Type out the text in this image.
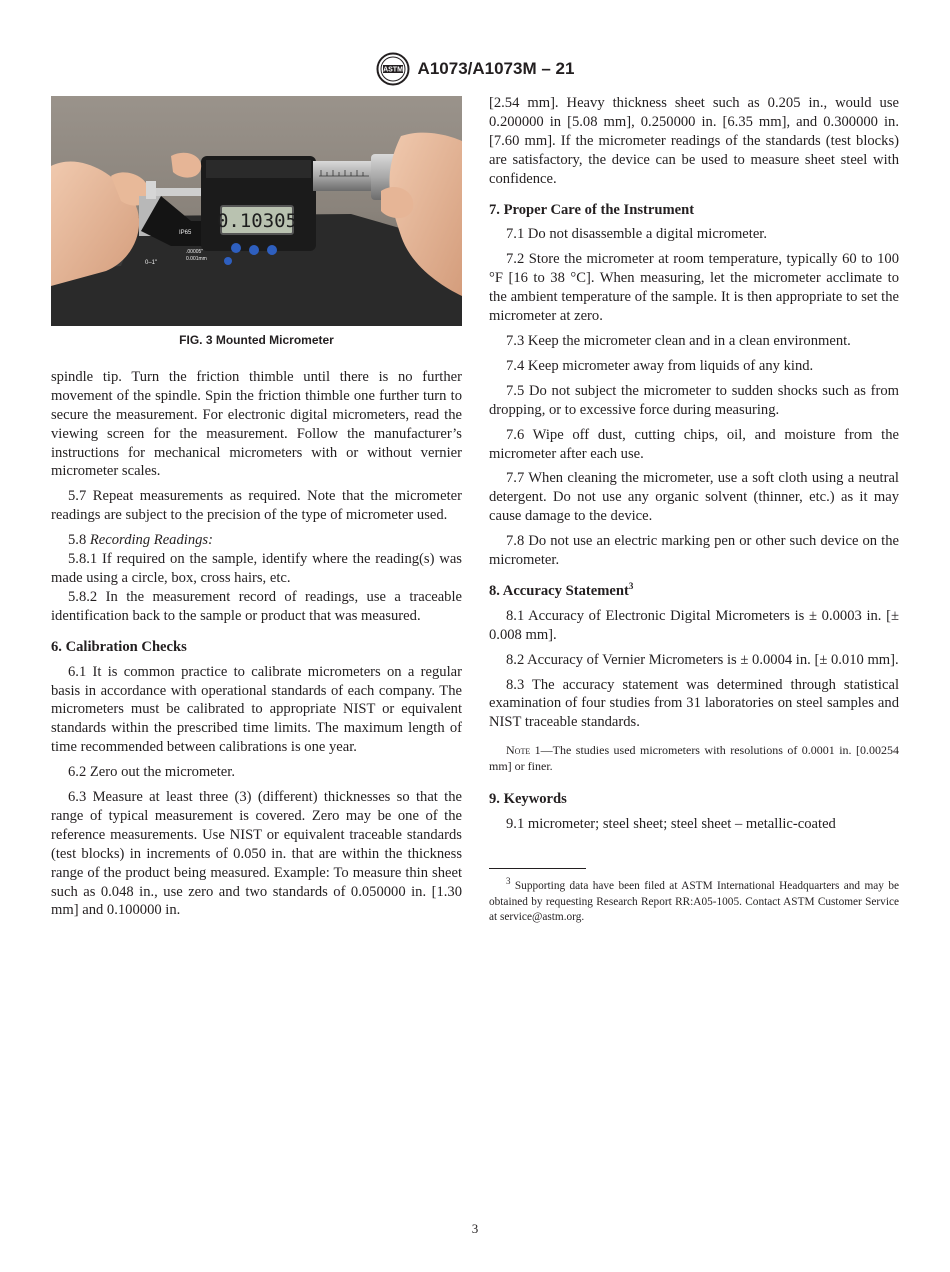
ASTM A1073/A1073M – 21
0.10305
IP65
0–1"
.00005"
0.001mm
FIG. 3 Mounted Micrometer

spindle tip. Turn the friction thimble until there is no further movement of the spindle. Spin the friction thimble one further turn to secure the measurement. For electronic digital micrometers, read the viewing screen for the measurement. Follow the manufacturer’s instructions for mechanical micrometers with or without vernier micrometer scales.

5.7 Repeat measurements as required. Note that the micrometer readings are subject to the precision of the type of micrometer used.

5.8 Recording Readings:

5.8.1 If required on the sample, identify where the reading(s) was made using a circle, box, cross hairs, etc.

5.8.2 In the measurement record of readings, use a traceable identification back to the sample or product that was measured.

6. Calibration Checks

6.1 It is common practice to calibrate micrometers on a regular basis in accordance with operational standards of each company. The micrometers must be calibrated to appropriate NIST or equivalent standards within the prescribed time limits. The maximum length of time recommended between calibrations is one year.

6.2 Zero out the micrometer.

6.3 Measure at least three (3) (different) thicknesses so that the range of typical measurement is covered. Zero may be one of the reference measurements. Use NIST or equivalent traceable standards (test blocks) in increments of 0.050 in. that are within the thickness range of the product being measured. Example: To measure thin sheet such as 0.048 in., use zero and two standards of 0.050000 in. [1.30 mm] and 0.100000 in.

[2.54 mm]. Heavy thickness sheet such as 0.205 in., would use 0.200000 in [5.08 mm], 0.250000 in. [6.35 mm], and 0.300000 in. [7.60 mm]. If the micrometer readings of the standards (test blocks) are satisfactory, the device can be used to measure sheet steel with confidence.

7. Proper Care of the Instrument

7.1 Do not disassemble a digital micrometer.

7.2 Store the micrometer at room temperature, typically 60 to 100 °F [16 to 38 °C]. When measuring, let the micrometer acclimate to the ambient temperature of the sample. It is then appropriate to set the micrometer at zero.

7.3 Keep the micrometer clean and in a clean environment.

7.4 Keep micrometer away from liquids of any kind.

7.5 Do not subject the micrometer to sudden shocks such as from dropping, or to excessive force during measuring.

7.6 Wipe off dust, cutting chips, oil, and moisture from the micrometer after each use.

7.7 When cleaning the micrometer, use a soft cloth using a neutral detergent. Do not use any organic solvent (thinner, etc.) as it may cause damage to the device.

7.8 Do not use an electric marking pen or other such device on the micrometer.

8. Accuracy Statement$^3$

8.1 Accuracy of Electronic Digital Micrometers is ± 0.0003 in. [± 0.008 mm].

8.2 Accuracy of Vernier Micrometers is ± 0.0004 in. [± 0.010 mm].

8.3 The accuracy statement was determined through statistical examination of four studies from 31 laboratories on steel samples and NIST traceable standards.

Note 1—The studies used micrometers with resolutions of 0.0001 in. [0.00254 mm] or finer.

9. Keywords

9.1 micrometer; steel sheet; steel sheet – metallic-coated

$^3$ Supporting data have been filed at ASTM International Headquarters and may be obtained by requesting Research Report RR:A05-1005. Contact ASTM Customer Service at service@astm.org.

3
